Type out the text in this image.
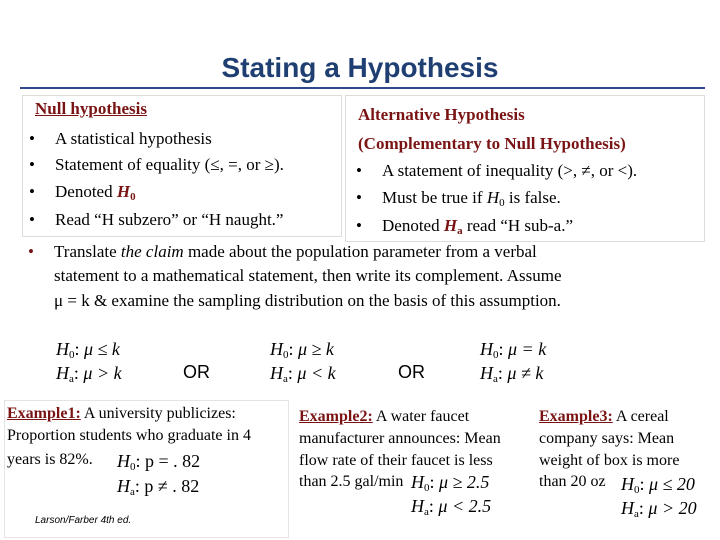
Stating a Hypothesis
Null hypothesis
• A statistical hypothesis
• Statement of equality (≤, =, or ≥).
• Denoted $H_0$
• Read “H subzero” or “H naught.”
Alternative Hypothesis
(Complementary to Null Hypothesis)
• A statement of inequality (>, ≠, or <).
• Must be true if $H_0$ is false.
• Denoted $H_a$ read “H sub-a.”
• Translate the claim made about the population parameter from a verbal
statement to a mathematical statement, then write its complement. Assume
μ = k & examine the sampling distribution on the basis of this assumption.
$H_0$: μ ≤ k
$H_a$: μ > k	OR
$H_0$: μ ≥ k
$H_a$: μ < k	OR
$H_0$: μ = k
$H_a$: μ ≠ k
Example1: A university publicizes:
Proportion students who graduate in 4
years is 82%. $H_0$: p = . 82
$H_a$: p ≠ . 82
Larson/Farber 4th ed.
Example2: A water faucet
manufacturer announces: Mean
flow rate of their faucet is less
than 2.5 gal/min $H_0$: μ ≥ 2.5
$H_a$: μ < 2.5
Example3: A cereal
company says: Mean
weight of box is more
than 20 oz $H_0$: μ ≤ 20
$H_a$: μ > 20
